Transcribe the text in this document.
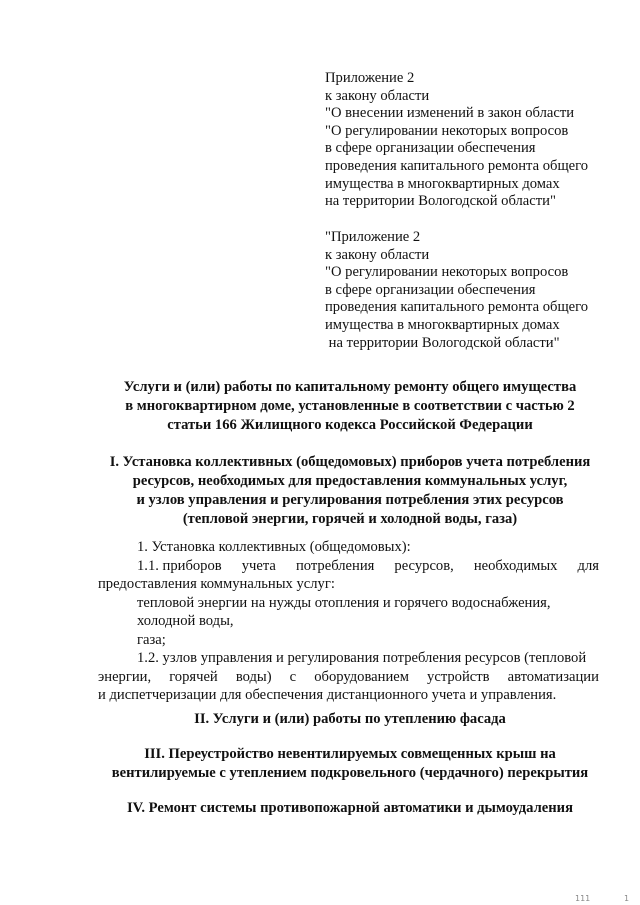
Приложение 2
к закону области
"О внесении изменений в закон области
"О регулировании некоторых вопросов
в сфере организации обеспечения
проведения капитального ремонта общего
имущества в многоквартирных домах
на территории Вологодской области"
"Приложение 2
к закону области
"О регулировании некоторых вопросов
в сфере организации обеспечения
проведения капитального ремонта общего
имущества в многоквартирных домах
на территории Вологодской области"
Услуги и (или) работы по капитальному ремонту общего имущества
в многоквартирном доме, установленные в соответствии с частью 2
статьи 166 Жилищного кодекса Российской Федерации
I. Установка коллективных (общедомовых) приборов учета потребления
ресурсов, необходимых для предоставления коммунальных услуг,
и узлов управления и регулирования потребления этих ресурсов
(тепловой энергии, горячей и холодной воды, газа)
1. Установка коллективных (общедомовых):
1.1. приборов учета потребления ресурсов, необходимых для
предоставления коммунальных услуг:
тепловой энергии на нужды отопления и горячего водоснабжения,
холодной воды,
газа;
1.2. узлов управления и регулирования потребления ресурсов (тепловой
энергии, горячей воды) с оборудованием устройств автоматизации
и диспетчеризации для обеспечения дистанционного учета и управления.
II. Услуги и (или) работы по утеплению фасада
III. Переустройство невентилируемых совмещенных крыш на
вентилируемые с утеплением подкровельного (чердачного) перекрытия
IV. Ремонт системы противопожарной автоматики и дымоудаления
111	1
